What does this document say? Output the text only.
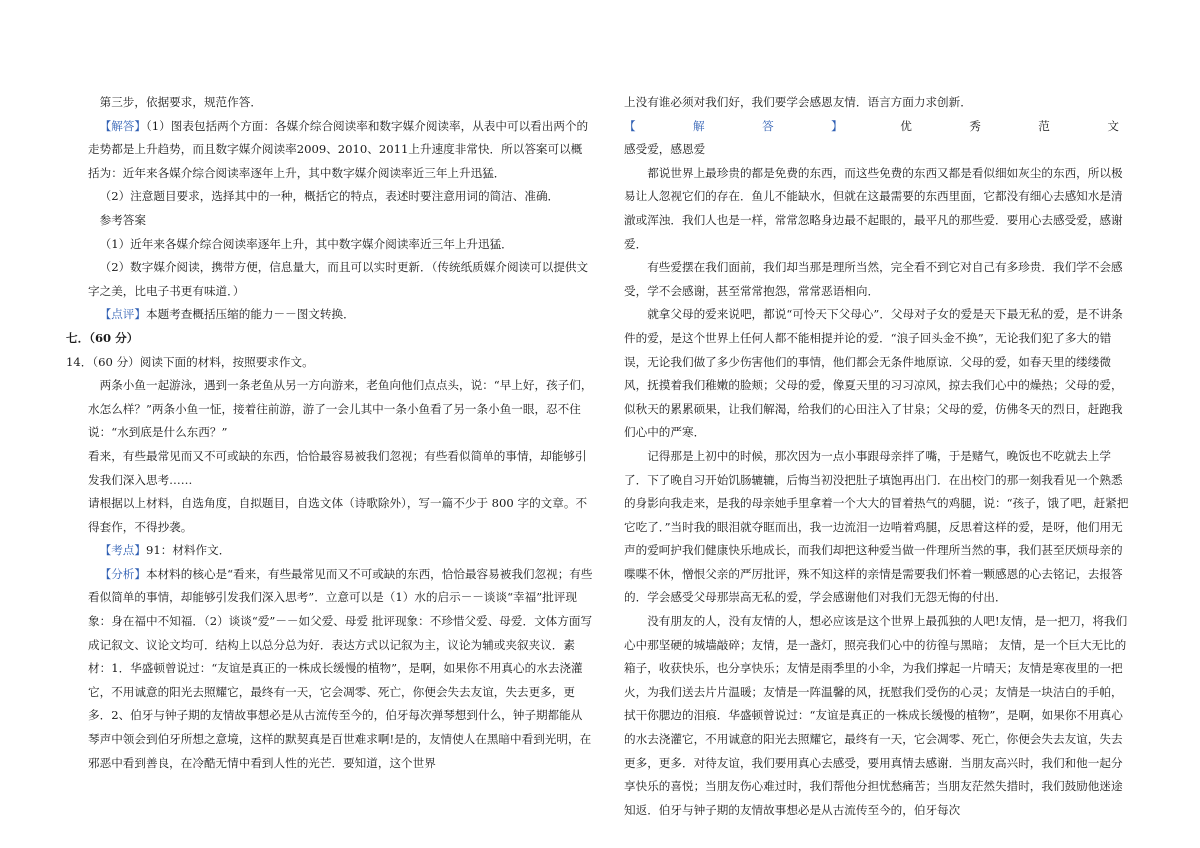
第三步，依据要求，规范作答．

【解答】（1）图表包括两个方面：各媒介综合阅读率和数字媒介阅读率，从表中可以看出两个的走势都是上升趋势，而且数字媒介阅读率2009、2010、2011上升速度非常快．所以答案可以概括为：近年来各媒介综合阅读率逐年上升，其中数字媒介阅读率近三年上升迅猛．

（2）注意题目要求，选择其中的一种，概括它的特点，表述时要注意用词的简洁、准确．

参考答案

（1）近年来各媒介综合阅读率逐年上升，其中数字媒介阅读率近三年上升迅猛．

（2）数字媒介阅读，携带方便，信息量大，而且可以实时更新．（传统纸质媒介阅读可以提供文字之美，比电子书更有味道．）

【点评】本题考查概括压缩的能力－－图文转换．

七．（60 分）

14．（60 分）阅读下面的材料，按照要求作文。

两条小鱼一起游泳，遇到一条老鱼从另一方向游来，老鱼向他们点点头，说：“早上好，孩子们，水怎么样？”两条小鱼一怔，接着往前游，游了一会儿其中一条小鱼看了另一条小鱼一眼，忍不住说：“水到底是什么东西？”

看来，有些最常见而又不可或缺的东西，恰恰最容易被我们忽视；有些看似简单的事情，却能够引发我们深入思考……

请根据以上材料，自选角度，自拟题目，自选文体（诗歌除外），写一篇不少于 800 字的文章。不得套作，不得抄袭。

【考点】91：材料作文．

【分析】本材料的核心是“看来，有些最常见而又不可或缺的东西，恰恰最容易被我们忽视；有些看似简单的事情，却能够引发我们深入思考”．立意可以是（1）水的启示－－谈谈“幸福”批评现象：身在福中不知福．（2）谈谈“爱”－－如父爱、母爱 批评现象：不珍惜父爱、母爱．文体方面写成记叙文、议论文均可．结构上以总分总为好．表达方式以记叙为主，议论为辅或夹叙夹议．素材：1．华盛顿曾说过：“友谊是真正的一株成长缓慢的植物”，是啊，如果你不用真心的水去浇灌它，不用诚意的阳光去照耀它，最终有一天，它会凋零、死亡，你便会失去友谊，失去更多，更多．2、伯牙与钟子期的友情故事想必是从古流传至今的，伯牙每次弹琴想到什么，钟子期都能从琴声中领会到伯牙所想之意境，这样的默契真是百世难求啊!是的，友情使人在黑暗中看到光明，在邪恶中看到善良，在冷酷无情中看到人性的光芒．要知道，这个世界

上没有谁必须对我们好，我们要学会感恩友情．语言方面力求创新．

【	解	答	】	优	秀	范	文

感受爱，感恩爱

都说世界上最珍贵的都是免费的东西，而这些免费的东西又都是看似细如灰尘的东西，所以极易让人忽视它们的存在．鱼儿不能缺水，但就在这最需要的东西里面，它都没有细心去感知水是清澈或浑浊．我们人也是一样，常常忽略身边最不起眼的，最平凡的那些爱．要用心去感受爱，感谢爱．

有些爱摆在我们面前，我们却当那是理所当然，完全看不到它对自己有多珍贵．我们学不会感受，学不会感谢，甚至常常抱怨，常常恶语相向．

就拿父母的爱来说吧，都说“可怜天下父母心”．父母对子女的爱是天下最无私的爱，是不讲条件的爱，是这个世界上任何人都不能相提并论的爱．“浪子回头金不换”，无论我们犯了多大的错误，无论我们做了多少伤害他们的事情，他们都会无条件地原谅．父母的爱，如春天里的缕缕微风，抚摸着我们稚嫩的脸颊；父母的爱，像夏天里的习习凉风，掠去我们心中的燥热；父母的爱，似秋天的累累硕果，让我们解渴，给我们的心田注入了甘泉；父母的爱，仿佛冬天的烈日，赶跑我们心中的严寒．

记得那是上初中的时候，那次因为一点小事跟母亲拌了嘴，于是赌气，晚饭也不吃就去上学了．下了晚自习开始饥肠辘辘，后悔当初没把肚子填饱再出门．在出校门的那一刻我看见一个熟悉的身影向我走来，是我的母亲她手里拿着一个大大的冒着热气的鸡腿，说：“孩子，饿了吧，赶紧把它吃了．”当时我的眼泪就夺眶而出，我一边流泪一边啃着鸡腿，反思着这样的爱，是呀，他们用无声的爱呵护我们健康快乐地成长，而我们却把这种爱当做一件理所当然的事，我们甚至厌烦母亲的喋喋不休，憎恨父亲的严厉批评，殊不知这样的亲情是需要我们怀着一颗感恩的心去铭记，去报答的．学会感受父母那崇高无私的爱，学会感谢他们对我们无怨无悔的付出．

没有朋友的人，没有友情的人，想必应该是这个世界上最孤独的人吧!友情，是一把刀，将我们心中那坚硬的城墙敲碎；友情，是一盏灯，照亮我们心中的彷徨与黑暗； 友情，是一个巨大无比的箱子，收获快乐，也分享快乐；友情是雨季里的小伞，为我们撑起一片晴天；友情是寒夜里的一把火，为我们送去片片温暖；友情是一阵温馨的风，抚慰我们受伤的心灵；友情是一块洁白的手帕，拭干你腮边的泪痕．华盛顿曾说过：“友谊是真正的一株成长缓慢的植物”，是啊，如果你不用真心的水去浇灌它，不用诚意的阳光去照耀它，最终有一天，它会凋零、死亡，你便会失去友谊，失去更多，更多．对待友谊，我们要用真心去感受，要用真情去感谢．当朋友高兴时，我们和他一起分享快乐的喜悦；当朋友伤心难过时，我们帮他分担忧愁痛苦；当朋友茫然失措时，我们鼓励他迷途知返．伯牙与钟子期的友情故事想必是从古流传至今的，伯牙每次
